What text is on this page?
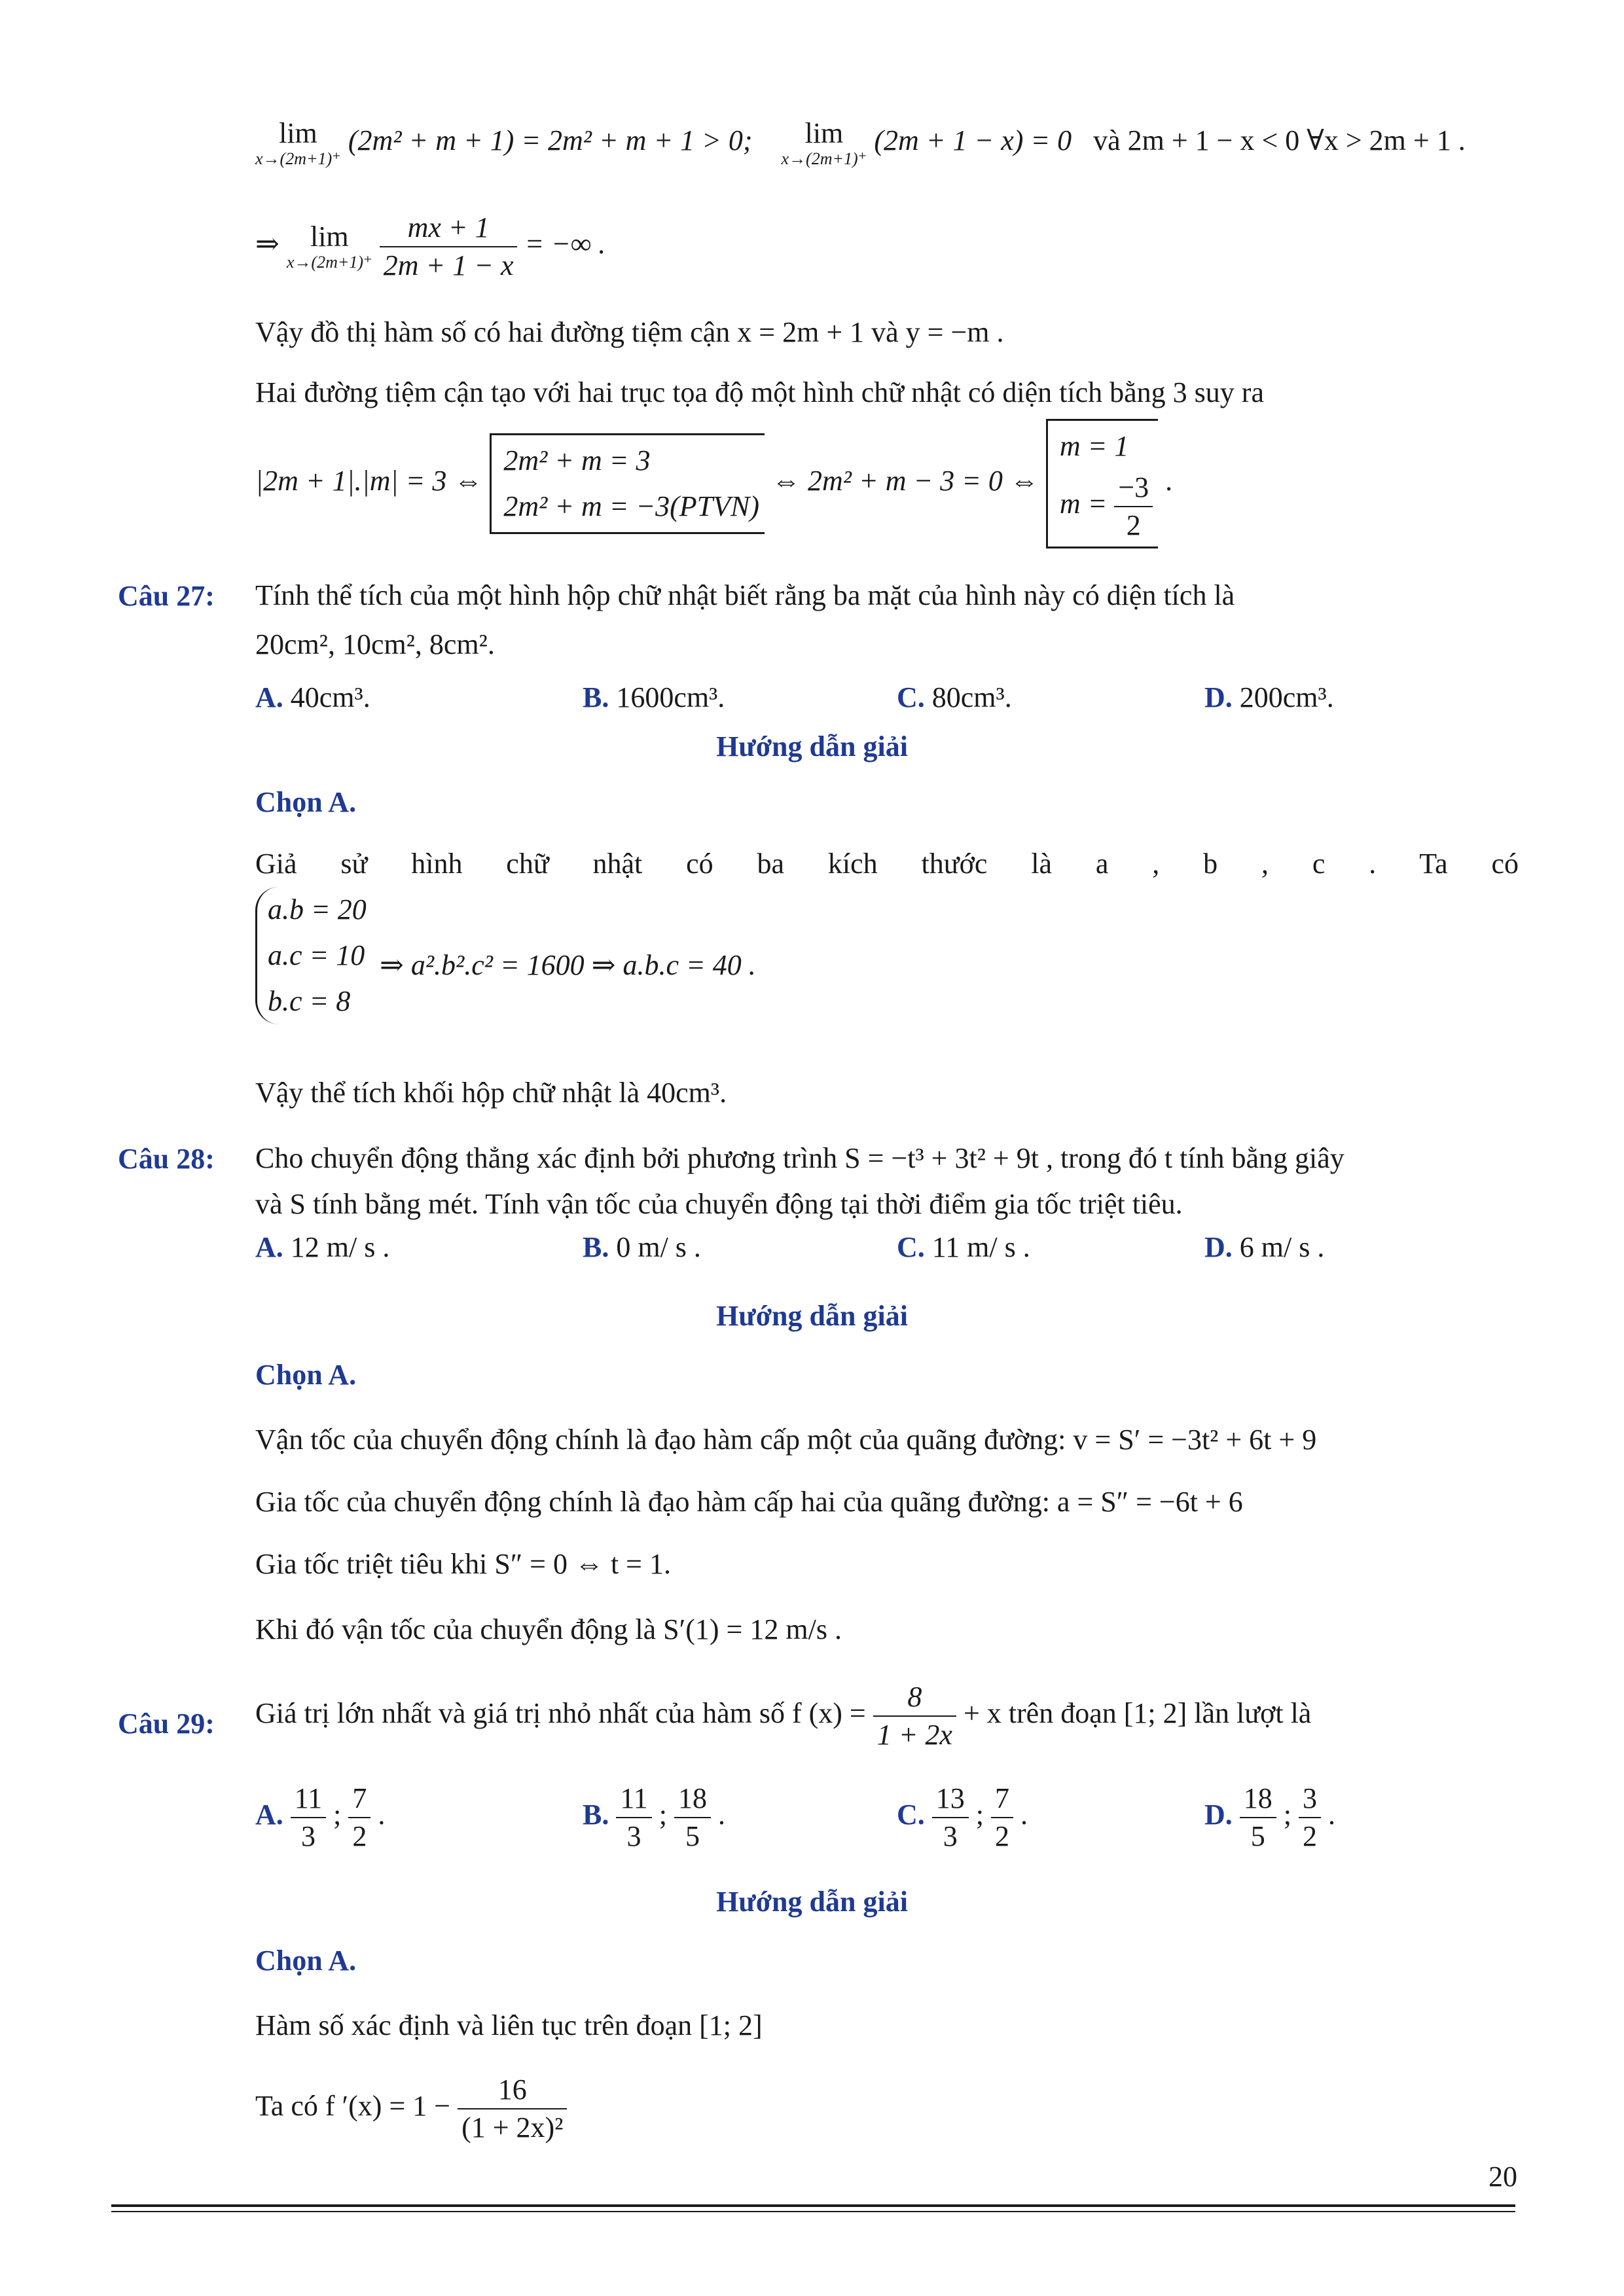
lim
x→(2m+1)⁺
(2m² + m + 1) = 2m² + m + 1 > 0;	lim
x→(2m+1)⁺
(2m + 1 − x) = 0 và 2m + 1 − x < 0 ∀x > 2m + 1 .
⇒	lim
x→(2m+1)⁺
$\frac{mx + 1}{2m + 1 - x}$ = −∞ .
Vậy đồ thị hàm số có hai đường tiệm cận x = 2m + 1 và y = −m .
Hai đường tiệm cận tạo với hai trục tọa độ một hình chữ nhật có diện tích bằng 3 suy ra
|2m + 1|.|m| = 3 ⇔
2m² + m = 3
2m² + m = −3(PTVN)
⇔ 2m² + m − 3 = 0 ⇔
m = 1
$m = \frac{-3}{2}$ .
Câu 27: Tính thể tích của một hình hộp chữ nhật biết rằng ba mặt của hình này có diện tích là
20cm², 10cm², 8cm².
A. 40cm³.	B. 1600cm³.	C. 80cm³.	D. 200cm³.
Hướng dẫn giải
Chọn A.
Giả sử hình chữ nhật có ba kích thước là a , b , c . Ta có
a.b = 20
a.c = 10
b.c = 8
⇒ a².b².c² = 1600 ⇒ a.b.c = 40 .
Vậy thể tích khối hộp chữ nhật là 40cm³.
Câu 28: Cho chuyển động thẳng xác định bởi phương trình S = −t³ + 3t² + 9t , trong đó t tính bằng giây
và S tính bằng mét. Tính vận tốc của chuyển động tại thời điểm gia tốc triệt tiêu.
A. 12 m/ s .	B. 0 m/ s .	C. 11 m/ s .	D. 6 m/ s .
Hướng dẫn giải
Chọn A.
Vận tốc của chuyển động chính là đạo hàm cấp một của quãng đường: v = S′ = −3t² + 6t + 9
Gia tốc của chuyển động chính là đạo hàm cấp hai của quãng đường: a = S″ = −6t + 6
Gia tốc triệt tiêu khi S″ = 0 ⇔ t = 1.
Khi đó vận tốc của chuyển động là S′(1) = 12 m/s .
Câu 29: Giá trị lớn nhất và giá trị nhỏ nhất của hàm số f $(x) = \frac{8}{1 + 2x} + x$ trên đoạn [1; 2] lần lượt là
A. $\frac{11}{3}$ ; $\frac{7}{2}$ .	B. $\frac{11}{3}$ ; $\frac{18}{5}$ .	C. $\frac{13}{3}$ ; $\frac{7}{2}$ .	D. $\frac{18}{5}$ ; $\frac{3}{2}$ .
Hướng dẫn giải
Chọn A.
Hàm số xác định và liên tục trên đoạn [1; 2]
Ta có f $'(x) = 1 - \frac{16}{\text{(1 + 2x)²}}$
20
